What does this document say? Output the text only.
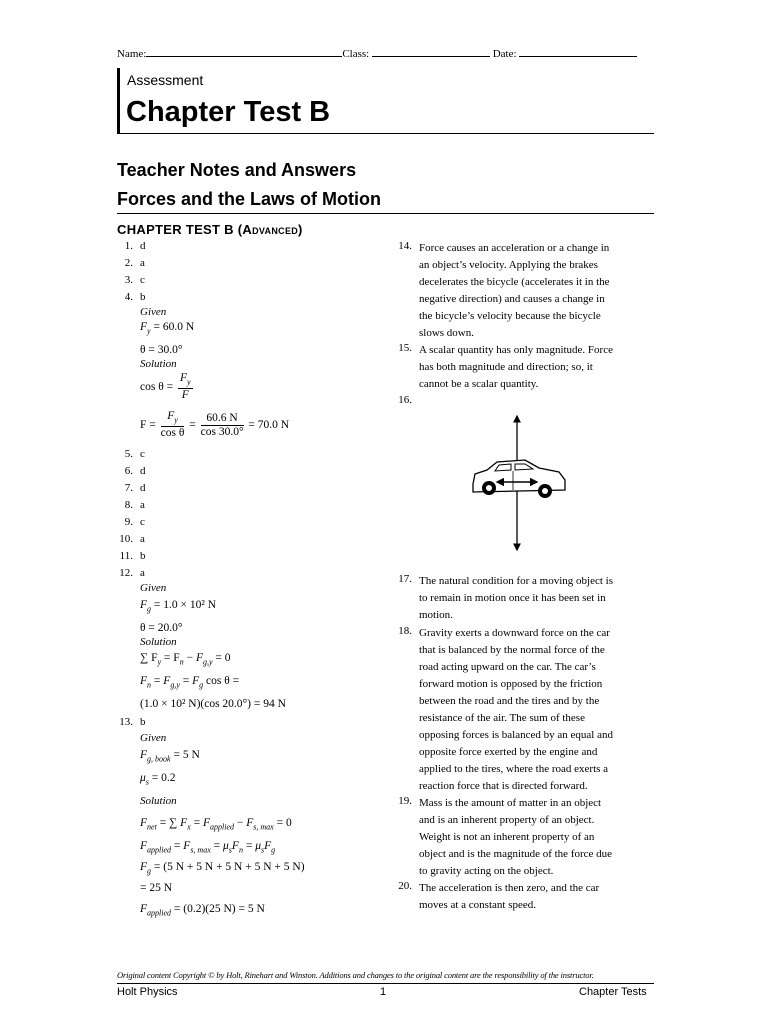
Name:	Class:	Date:
Assessment
Chapter Test B
Teacher Notes and Answers
Forces and the Laws of Motion
CHAPTER TEST B (Advanced)
1. d
2. a
3. c
4. b
Given
$F_y = 60.0$ N
θ = 30.0°
Solution
$\cos \theta = \frac{F_y}{F}$
$F = \frac{F_y}{\text{cos θ}} = \frac{60.6 N}{\cos 30.0^\circ} = 70.0$ N
5. c
6. d
7. d
8. a
9. c
10. a
11. b
12. a
Given
$F_g = 1.0 \times 10^2$ N
θ = 20.0°
Solution
∑ $F_y = F_n - F_{g,y} = 0$
$F_n = F_{g,y} = F_g$ cos θ =
(1.0 × 10² N)(cos 20.0°) = 94 N
13. b
Given
$F_{g, book} = 5$ N
$\mu_s = 0.2$
Solution
$F_{net}$ = ∑ $F_x = F_{applied} - F_{s, max} = 0$
$F_{applied} = F_{s, max} = \mu_sF_n = \mu_sF_g$
$F_g = (5$ N + 5 N + 5 N + 5 N + 5 N)
= 25 N
$F_{applied} = (0.2)(25$ N) = 5 N
14. Force causes an acceleration or a change in
an object’s velocity. Applying the brakes
decelerates the bicycle (accelerates it in the
negative direction) and causes a change in
the bicycle’s velocity because the bicycle
slows down.
15. A scalar quantity has only magnitude. Force
has both magnitude and direction; so, it
cannot be a scalar quantity.
16.
17. The natural condition for a moving object is
to remain in motion once it has been set in
motion.
18. Gravity exerts a downward force on the car
that is balanced by the normal force of the
road acting upward on the car. The car’s
forward motion is opposed by the friction
between the road and the tires and by the
resistance of the air. The sum of these
opposing forces is balanced by an equal and
opposite force exerted by the engine and
applied to the tires, where the road exerts a
reaction force that is directed forward.
19. Mass is the amount of matter in an object
and is an inherent property of an object.
Weight is not an inherent property of an
object and is the magnitude of the force due
to gravity acting on the object.
20. The acceleration is then zero, and the car
moves at a constant speed.
Original content Copyright © by Holt, Rinehart and Winston. Additions and changes to the original content are the responsibility of the instructor.
Holt Physics	1	Chapter Tests
